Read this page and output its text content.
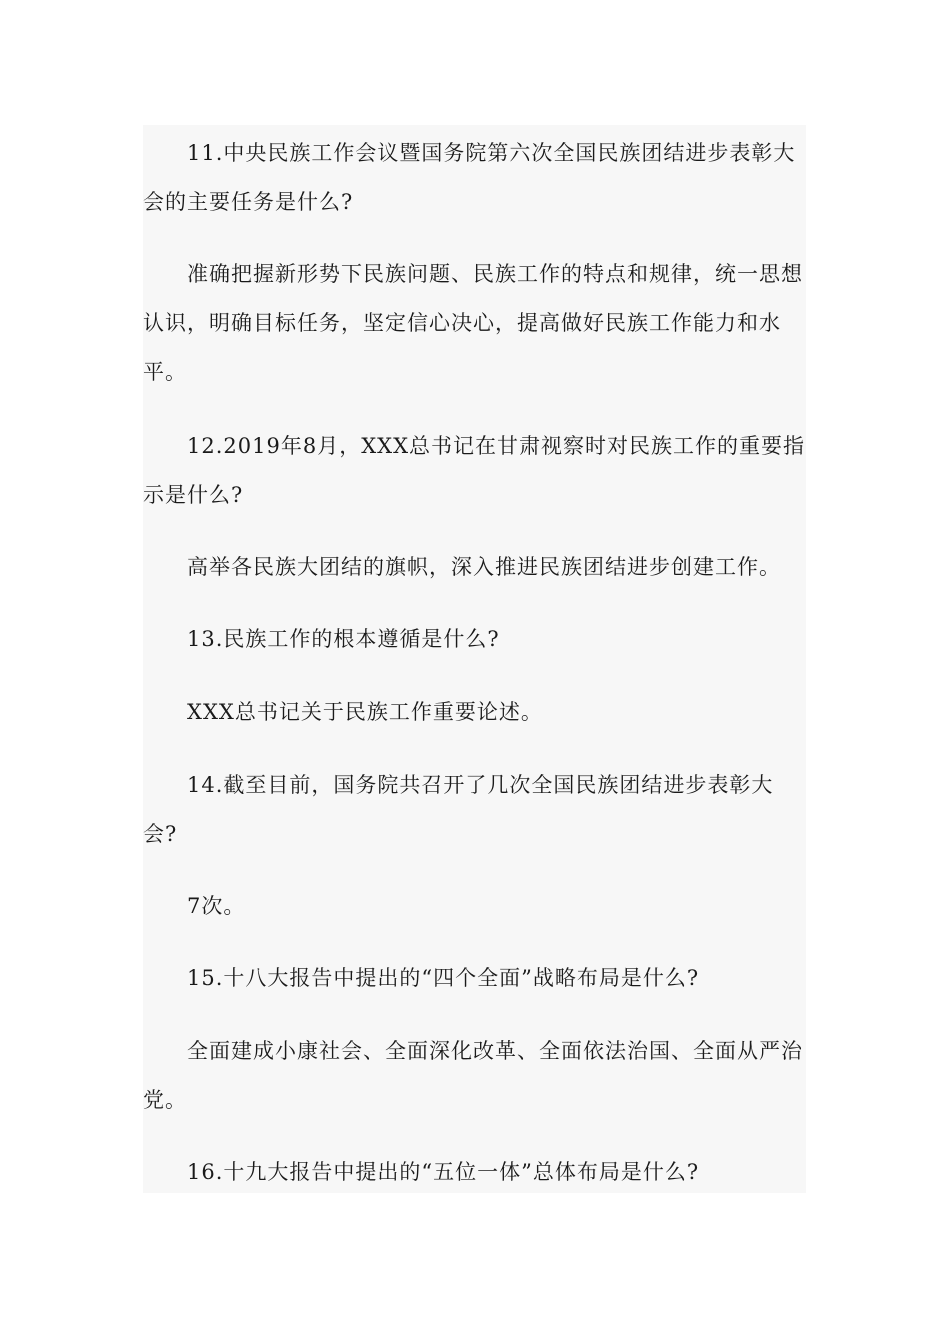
11.中央民族工作会议暨国务院第六次全国民族团结进步表彰大会的主要任务是什么?

准确把握新形势下民族问题、民族工作的特点和规律，统一思想认识，明确目标任务，坚定信心决心，提高做好民族工作能力和水平。

12.2019年8月，XXX总书记在甘肃视察时对民族工作的重要指示是什么?

高举各民族大团结的旗帜，深入推进民族团结进步创建工作。

13.民族工作的根本遵循是什么?

XXX总书记关于民族工作重要论述。

14.截至目前，国务院共召开了几次全国民族团结进步表彰大会?

7次。

15.十八大报告中提出的“四个全面”战略布局是什么?

全面建成小康社会、全面深化改革、全面依法治国、全面从严治党。

16.十九大报告中提出的“五位一体”总体布局是什么?
